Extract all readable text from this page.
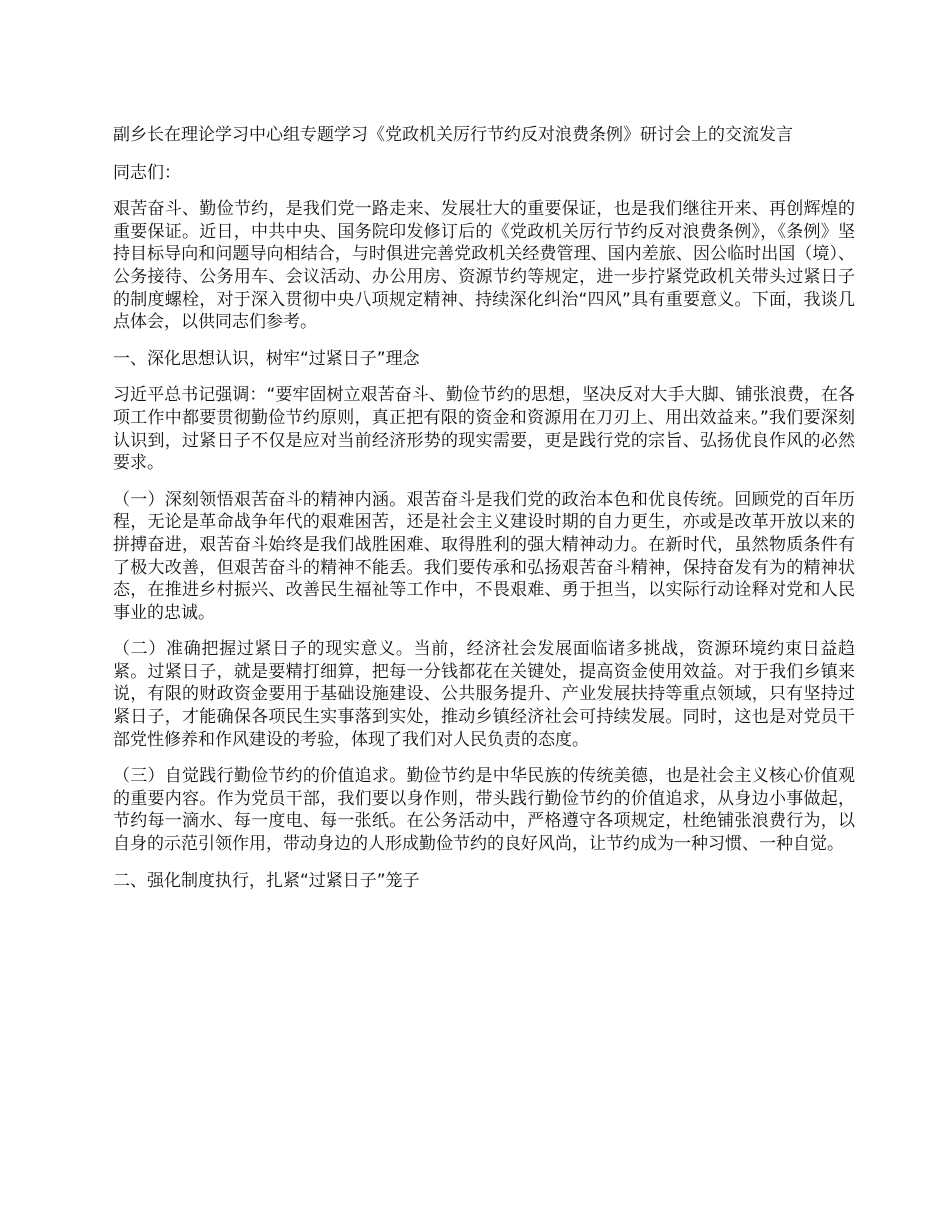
副乡长在理论学习中心组专题学习《党政机关厉行节约反对浪费条例》研讨会上的交流发言

同志们：

艰苦奋斗、勤俭节约，是我们党一路走来、发展壮大的重要保证，也是我们继往开来、再创辉煌的重要保证。近日，中共中央、国务院印发修订后的《党政机关厉行节约反对浪费条例》，《条例》坚持目标导向和问题导向相结合，与时俱进完善党政机关经费管理、国内差旅、因公临时出国（境）、公务接待、公务用车、会议活动、办公用房、资源节约等规定，进一步拧紧党政机关带头过紧日子的制度螺栓，对于深入贯彻中央八项规定精神、持续深化纠治“四风”具有重要意义。下面，我谈几点体会，以供同志们参考。

一、深化思想认识，树牢“过紧日子”理念

习近平总书记强调：“要牢固树立艰苦奋斗、勤俭节约的思想，坚决反对大手大脚、铺张浪费，在各项工作中都要贯彻勤俭节约原则，真正把有限的资金和资源用在刀刃上、用出效益来。”我们要深刻认识到，过紧日子不仅是应对当前经济形势的现实需要，更是践行党的宗旨、弘扬优良作风的必然要求。

（一）深刻领悟艰苦奋斗的精神内涵。艰苦奋斗是我们党的政治本色和优良传统。回顾党的百年历程，无论是革命战争年代的艰难困苦，还是社会主义建设时期的自力更生，亦或是改革开放以来的拼搏奋进，艰苦奋斗始终是我们战胜困难、取得胜利的强大精神动力。在新时代，虽然物质条件有了极大改善，但艰苦奋斗的精神不能丢。我们要传承和弘扬艰苦奋斗精神，保持奋发有为的精神状态，在推进乡村振兴、改善民生福祉等工作中，不畏艰难、勇于担当，以实际行动诠释对党和人民事业的忠诚。

（二）准确把握过紧日子的现实意义。当前，经济社会发展面临诸多挑战，资源环境约束日益趋紧。过紧日子，就是要精打细算，把每一分钱都花在关键处，提高资金使用效益。对于我们乡镇来说，有限的财政资金要用于基础设施建设、公共服务提升、产业发展扶持等重点领域，只有坚持过紧日子，才能确保各项民生实事落到实处，推动乡镇经济社会可持续发展。同时，这也是对党员干部党性修养和作风建设的考验，体现了我们对人民负责的态度。

（三）自觉践行勤俭节约的价值追求。勤俭节约是中华民族的传统美德，也是社会主义核心价值观的重要内容。作为党员干部，我们要以身作则，带头践行勤俭节约的价值追求，从身边小事做起，节约每一滴水、每一度电、每一张纸。在公务活动中，严格遵守各项规定，杜绝铺张浪费行为，以自身的示范引领作用，带动身边的人形成勤俭节约的良好风尚，让节约成为一种习惯、一种自觉。

二、强化制度执行，扎紧“过紧日子”笼子
